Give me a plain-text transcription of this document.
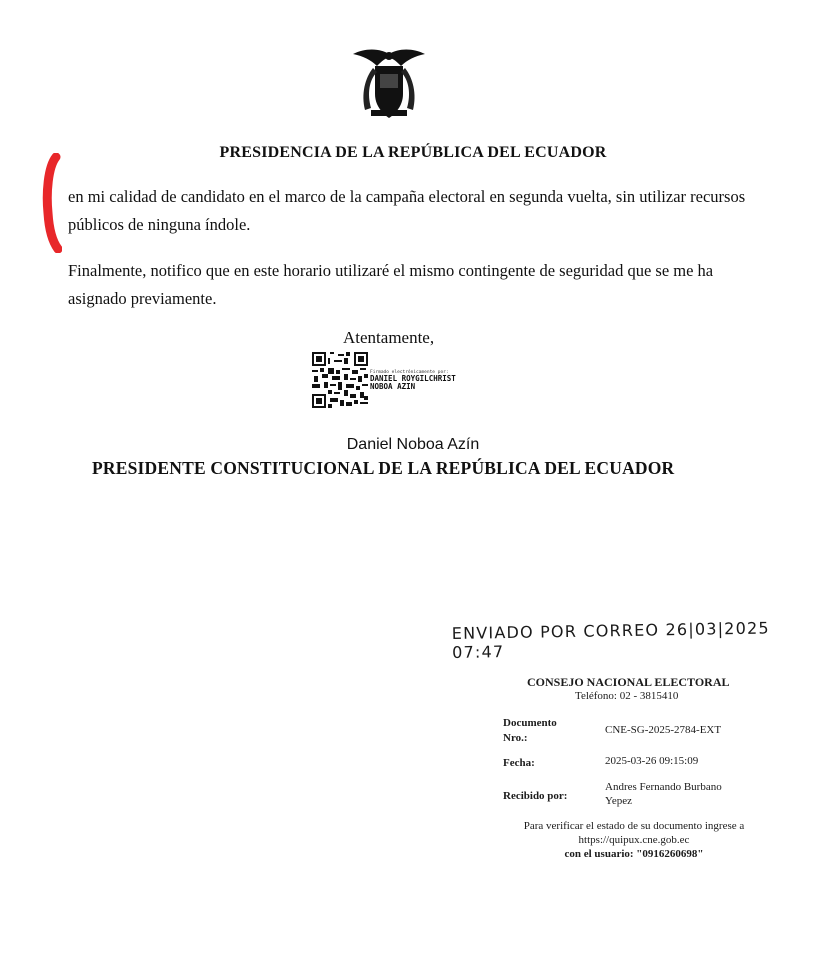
PRESIDENCIA DE LA REPÚBLICA DEL ECUADOR
en mi calidad de candidato en el marco de la campaña electoral en segunda vuelta, sin utilizar recursos públicos de ninguna índole.
Finalmente, notifico que en este horario utilizaré el mismo contingente de seguridad que se me ha asignado previamente.
Atentamente,
Firmado electrónicamente por:
DANIEL ROYGILCHRIST
NOBOA AZIN
Daniel Noboa Azín
PRESIDENTE CONSTITUCIONAL DE LA REPÚBLICA DEL ECUADOR
ENVIADO POR CORREO 26|03|2025 07:47
CONSEJO NACIONAL ELECTORAL
Teléfono: 02 - 3815410
Documento
Nro.:
CNE-SG-2025-2784-EXT
Fecha:	2025-03-26 09:15:09
Recibido por:
Andres Fernando Burbano
Yepez
Para verificar el estado de su documento ingrese a
https://quipux.cne.gob.ec
con el usuario: "0916260698"
